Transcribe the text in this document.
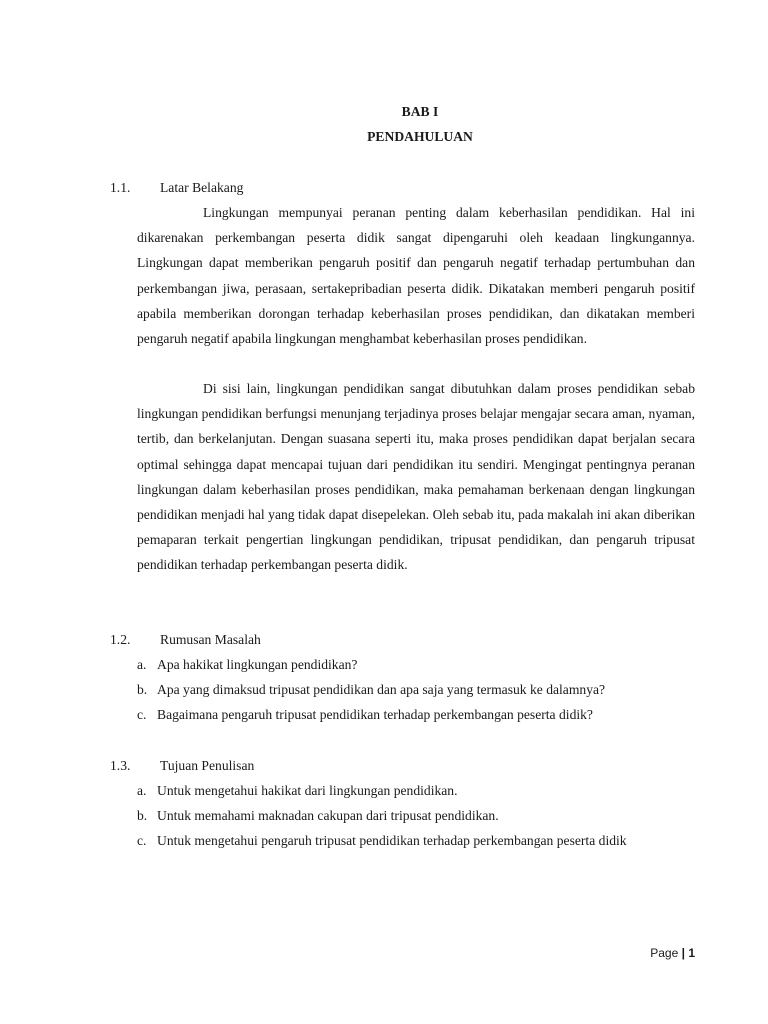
BAB I

PENDAHULUAN

1.1. Latar Belakang

Lingkungan mempunyai peranan penting dalam keberhasilan pendidikan. Hal ini dikarenakan perkembangan peserta didik sangat dipengaruhi oleh keadaan lingkungannya. Lingkungan dapat memberikan pengaruh positif dan pengaruh negatif terhadap pertumbuhan dan perkembangan jiwa, perasaan, sertakepribadian peserta didik. Dikatakan memberi pengaruh positif apabila memberikan dorongan terhadap keberhasilan proses pendidikan, dan dikatakan memberi pengaruh negatif apabila lingkungan menghambat keberhasilan proses pendidikan.

Di sisi lain, lingkungan pendidikan sangat dibutuhkan dalam proses pendidikan sebab lingkungan pendidikan berfungsi menunjang terjadinya proses belajar mengajar secara aman, nyaman, tertib, dan berkelanjutan. Dengan suasana seperti itu, maka proses pendidikan dapat berjalan secara optimal sehingga dapat mencapai tujuan dari pendidikan itu sendiri. Mengingat pentingnya peranan lingkungan dalam keberhasilan proses pendidikan, maka pemahaman berkenaan dengan lingkungan pendidikan menjadi hal yang tidak dapat disepelekan. Oleh sebab itu, pada makalah ini akan diberikan pemaparan terkait pengertian lingkungan pendidikan, tripusat pendidikan, dan pengaruh tripusat pendidikan terhadap perkembangan peserta didik.

1.2. Rumusan Masalah
a. Apa hakikat lingkungan pendidikan?
b. Apa yang dimaksud tripusat pendidikan dan apa saja yang termasuk ke dalamnya?
c. Bagaimana pengaruh tripusat pendidikan terhadap perkembangan peserta didik?
1.3. Tujuan Penulisan
a. Untuk mengetahui hakikat dari lingkungan pendidikan.
b. Untuk memahami maknadan cakupan dari tripusat pendidikan.
c. Untuk mengetahui pengaruh tripusat pendidikan terhadap perkembangan peserta didik
Page | 1
